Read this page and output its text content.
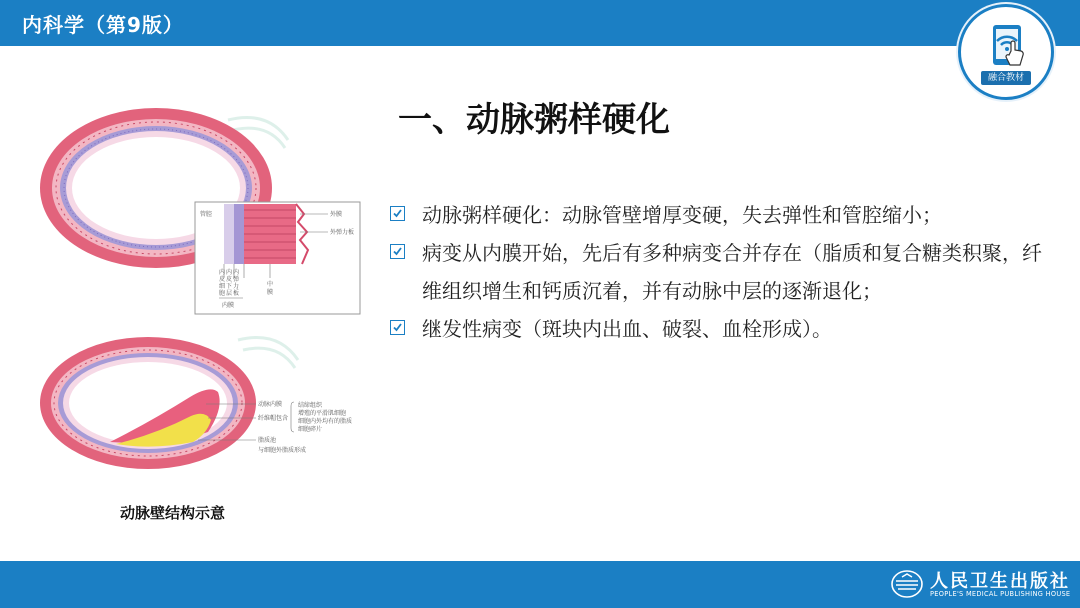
内科学（第9版）
融合教材
一、动脉粥样硬化
动脉粥样硬化：动脉管壁增厚变硬，失去弹性和管腔缩小；
病变从内膜开始，先后有多种病变合并存在（脂质和复合糖类积聚，纤维组织增生和钙质沉着，并有动脉中层的逐渐退化；
继发性病变（斑块内出血、破裂、血栓形成）。
管腔	外膜
外弹力板
中
膜
内 内 内
皮 皮 弹
细 下 力
胞 层 板
内膜
动脉内膜
纤维帽包含
结缔组织
增殖的平滑肌细胞
细胞内外均有的脂质
细胞碎片
脂质池
与细胞外脂质形成
动脉壁结构示意
人民卫生出版社
PEOPLE'S MEDICAL PUBLISHING HOUSE
